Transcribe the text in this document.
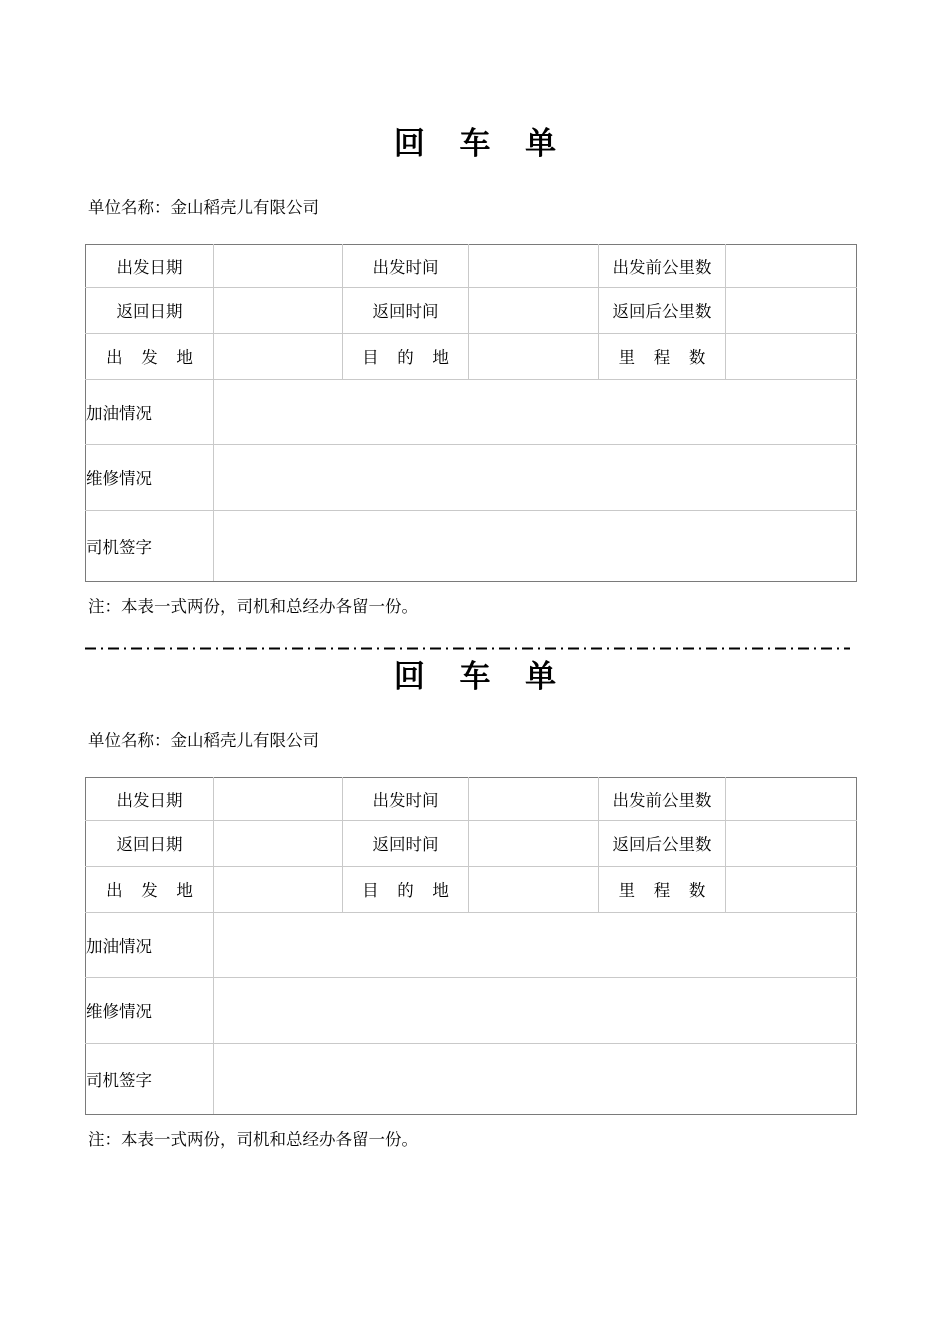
回 车 单
单位名称：金山稻壳儿有限公司
出发日期		出发时间		出发前公里数	
返回日期		返回时间		返回后公里数	
出 发 地		目 的 地		里 程 数	
加油情况					
维修情况					
司机签字					
注：本表一式两份，司机和总经办各留一份。
回 车 单
单位名称：金山稻壳儿有限公司
出发日期		出发时间		出发前公里数	
返回日期		返回时间		返回后公里数	
出 发 地		目 的 地		里 程 数	
加油情况					
维修情况					
司机签字					
注：本表一式两份，司机和总经办各留一份。
